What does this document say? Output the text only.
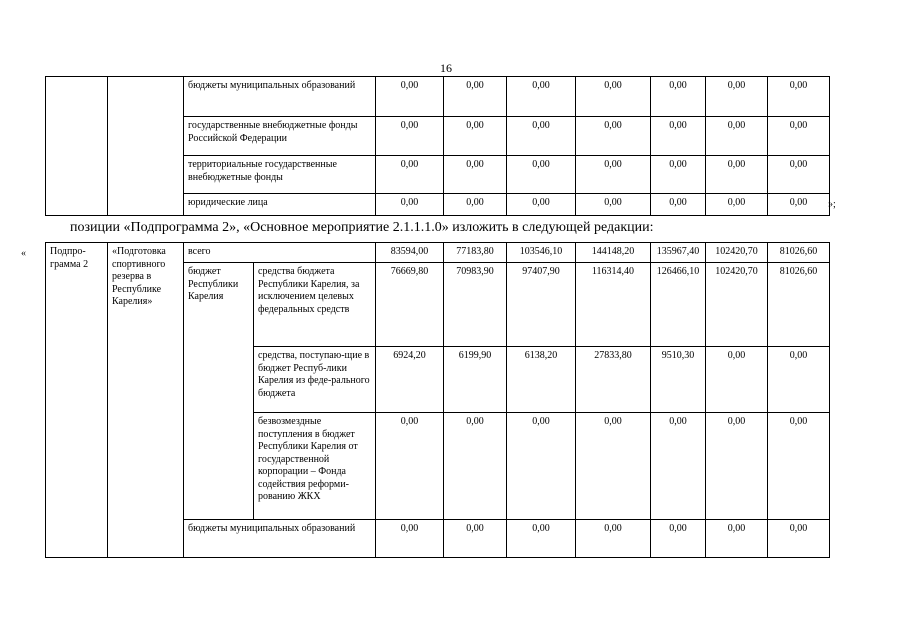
16
		бюджеты муниципальных образований	0,00	0,00	0,00	0,00	0,00	0,00	0,00
		государственные внебюджетные фонды Российской Федерации	0,00	0,00	0,00	0,00	0,00	0,00	0,00
		территориальные государственные внебюджетные фонды	0,00	0,00	0,00	0,00	0,00	0,00	0,00
		юридические лица	0,00	0,00	0,00	0,00	0,00	0,00	0,00 »;
позиции «Подпрограмма 2», «Основное мероприятие 2.1.1.1.0» изложить в следующей редакции:
« Подпро-грамма 2	«Подготовка спортивного резерва в Республике Карелия»	всего		83594,00	77183,80	103546,10	144148,20	135967,40	102420,70	81026,60
		бюджет Республики Карелия	средства бюджета Республики Карелия, за исключением целевых федеральных средств	76669,80	70983,90	97407,90	116314,40	126466,10	102420,70	81026,60
			средства, поступаю-щие в бюджет Респуб-лики Карелия из феде-рального бюджета	6924,20	6199,90	6138,20	27833,80	9510,30	0,00	0,00
			безвозмездные поступления в бюджет Республики Карелия от государственной корпорации – Фонда содействия реформи-рованию ЖКХ	0,00	0,00	0,00	0,00	0,00	0,00	0,00
		бюджеты муниципальных образований		0,00	0,00	0,00	0,00	0,00	0,00	0,00
